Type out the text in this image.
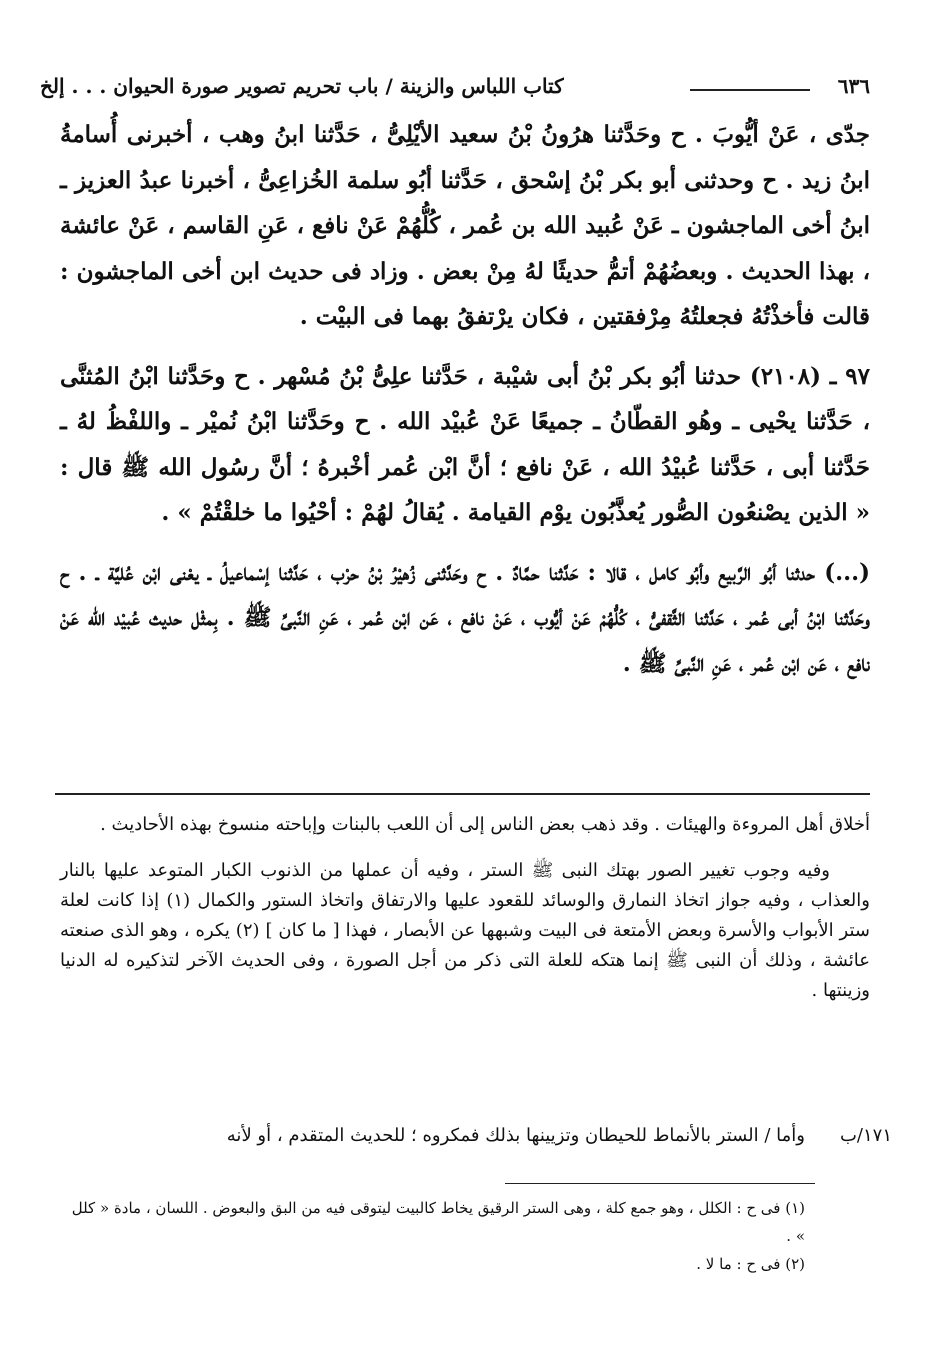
٦٣٦
كتاب اللباس والزينة / باب تحريم تصوير صورة الحيوان . . . إلخ

جدّى ، عَنْ أيُّوبَ . ح وحَدَّثنا هرُونُ بْنُ سعيد الأيْلِىُّ ، حَدَّثنا ابنُ وهب ، أخبرنى أُسامةُ ابنُ زيد . ح وحدثنى أبو بكر بْنُ إسْحق ، حَدَّثنا أبُو سلمة الخُزاعِىُّ ، أخبرنا عبدُ العزيز ـ ابنُ أخى الماجشون ـ عَنْ عُبيد الله بن عُمر ، كُلُّهُمْ عَنْ نافع ، عَنِ القاسم ، عَنْ عائشة ، بهذا الحديث . وبعضُهُمْ أتمُّ حديثًا لهُ مِنْ بعض . وزاد فى حديث ابن أخى الماجشون : قالت فأخذْتُهُ فجعلتُهُ مِرْفقتين ، فكان يرْتفقُ بهما فى البيْت .

٩٧ ـ (٢١٠٨) حدثنا أبُو بكر بْنُ أبى شيْبة ، حَدَّثنا علِىُّ بْنُ مُسْهر . ح وحَدَّثنا ابْنُ المُثنَّى ، حَدَّثنا يحْيى ـ وهُو القطّانُ ـ جميعًا عَنْ عُبيْد الله . ح وحَدَّثنا ابْنُ نُميْر ـ واللفْظُ لهُ ـ حَدَّثنا أبى ، حَدَّثنا عُبيْدُ الله ، عَنْ نافع ؛ أنَّ ابْن عُمر أخْبرهُ ؛ أنَّ رسُول الله ﷺ قال : « الذين يصْنعُون الصُّور يُعذَّبُون يوْم القيامة . يُقالُ لهُمْ : أحْيُوا ما خلقْتُمْ » .

(...) حدثنا أبُو الرَّبيع وأبُو كامل ، قالا : حَدَّثنا حمَّادٌ . ح وحَدَّثنى زُهيْرُ بْنُ حرْب ، حَدَّثنا إسْماعيلُ ـ يعْنى ابْن عُليَّة ـ . ح وحَدَّثنا ابْنُ أبى عُمر ، حَدَّثنا الثَّقفىُّ ، كُلُّهُمْ عَنْ أيُّوب ، عَنْ نافع ، عَن ابْن عُمر ، عَنِ النَّبىِّ ﷺ . بِمثْل حديث عُبيْد الله عَنْ نافع ، عَن ابْن عُمر ، عَنِ النَّبىِّ ﷺ .

أخلاق أهل المروءة والهيئات . وقد ذهب بعض الناس إلى أن اللعب بالبنات وإباحته منسوخ بهذه الأحاديث .

وفيه وجوب تغيير الصور بهتك النبى ﷺ الستر ، وفيه أن عملها من الذنوب الكبار المتوعد عليها بالنار والعذاب ، وفيه جواز اتخاذ النمارق والوسائد للقعود عليها والارتفاق واتخاذ الستور والكمال (١) إذا كانت لعلة ستر الأبواب والأسرة وبعض الأمتعة فى البيت وشبهها عن الأبصار ، فهذا [ ما كان ] (٢) يكره ، وهو الذى صنعته عائشة ، وذلك أن النبى ﷺ إنما هتكه للعلة التى ذكر من أجل الصورة ، وفى الحديث الآخر لتذكيره له الدنيا وزينتها .

١٧١/ب
وأما / الستر بالأنماط للحيطان وتزيينها بذلك فمكروه ؛ للحديث المتقدم ، أو لأنه

(١) فى ح : الكلل ، وهو جمع كلة ، وهى الستر الرقيق يخاط كالبيت ليتوقى فيه من البق والبعوض . اللسان ، مادة « كلل » .

(٢) فى ح : ما لا .
